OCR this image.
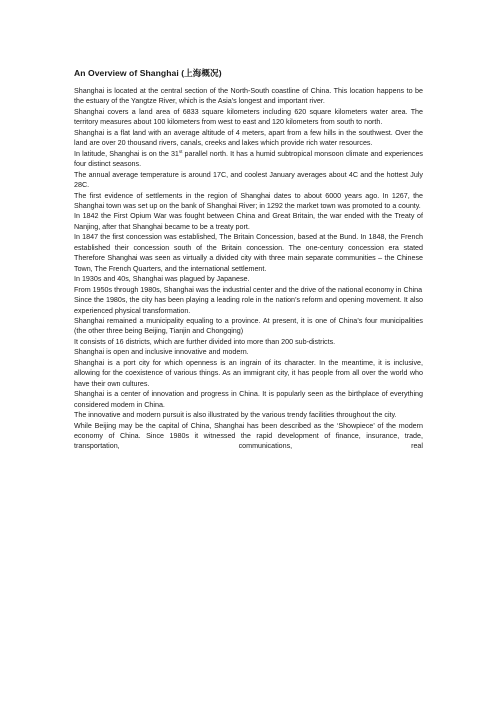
An Overview of Shanghai (上海概况)

Shanghai is located at the central section of the North-South coastline of China. This location happens to be the estuary of the Yangtze River, which is the Asia’s longest and important river.

Shanghai covers a land area of 6833 square kilometers including 620 square kilometers water area. The territory measures about 100 kilometers from west to east and 120 kilometers from south to north.

Shanghai is a flat land with an average altitude of 4 meters, apart from a few hills in the southwest. Over the land are over 20 thousand rivers, canals, creeks and lakes which provide rich water resources.

In latitude, Shanghai is on the 31st parallel north. It has a humid subtropical monsoon climate and experiences four distinct seasons.

The annual average temperature is around 17C, and coolest January averages about 4C and the hottest July 28C.

The first evidence of settlements in the region of Shanghai dates to about 6000 years ago. In 1267, the Shanghai town was set up on the bank of Shanghai River; in 1292 the market town was promoted to a county.

In 1842 the First Opium War was fought between China and Great Britain, the war ended with the Treaty of Nanjing, after that Shanghai became to be a treaty port.

In 1847 the first concession was established, The Britain Concession, based at the Bund. In 1848, the French established their concession south of the Britain concession. The one-century concession era stated Therefore Shanghai was seen as virtually a divided city with three main separate communities – the Chinese Town, The French Quarters, and the international settlement.

In 1930s and 40s, Shanghai was plagued by Japanese.

From 1950s through 1980s, Shanghai was the industrial center and the drive of the national economy in China

Since the 1980s, the city has been playing a leading role in the nation’s reform and opening movement. It also experienced physical transformation.

Shanghai remained a municipality equaling to a province. At present, it is one of China’s four municipalities (the other three being Beijing, Tianjin and Chongqing)

It consists of 16 districts, which are further divided into more than 200 sub-districts.

Shanghai is open and inclusive innovative and modern.

Shanghai is a port city for which openness is an ingrain of its character. In the meantime, it is inclusive, allowing for the coexistence of various things. As an immigrant city, it has people from all over the world who have their own cultures.

Shanghai is a center of innovation and progress in China. It is popularly seen as the birthplace of everything considered modem in China.

The innovative and modern pursuit is also illustrated by the various trendy facilities throughout the city.

While Beijing may be the capital of China, Shanghai has been described as the ‘Showpiece’ of the modern economy of China. Since 1980s it witnessed the rapid development of finance, insurance, trade, transportation, communications, real
